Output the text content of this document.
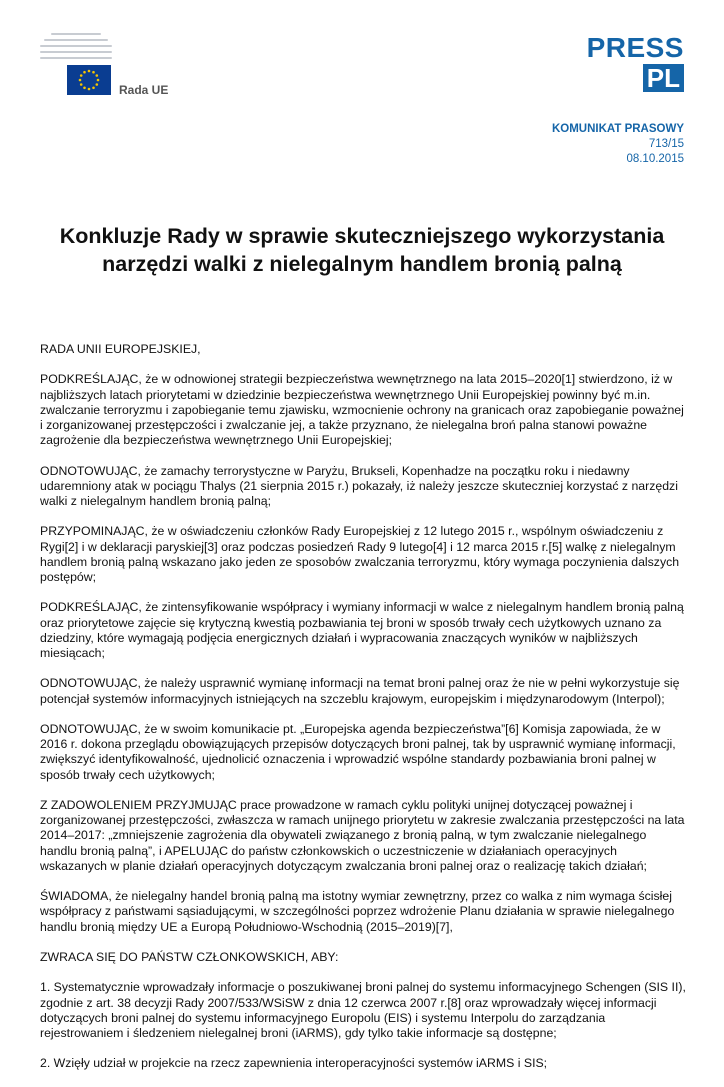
Rada UE
PRESS
PL
KOMUNIKAT PRASOWY
713/15
08.10.2015
Konkluzje Rady w sprawie skuteczniejszego wykorzystania narzędzi walki z nielegalnym handlem bronią palną

RADA UNII EUROPEJSKIEJ,

PODKREŚLAJĄC, że w odnowionej strategii bezpieczeństwa wewnętrznego na lata 2015–2020[1] stwierdzono, iż w najbliższych latach priorytetami w dziedzinie bezpieczeństwa wewnętrznego Unii Europejskiej powinny być m.in. zwalczanie terroryzmu i zapobieganie temu zjawisku, wzmocnienie ochrony na granicach oraz zapobieganie poważnej i zorganizowanej przestępczości i zwalczanie jej, a także przyznano, że nielegalna broń palna stanowi poważne zagrożenie dla bezpieczeństwa wewnętrznego Unii Europejskiej;

ODNOTOWUJĄC, że zamachy terrorystyczne w Paryżu, Brukseli, Kopenhadze na początku roku i niedawny udaremniony atak w pociągu Thalys (21 sierpnia 2015 r.) pokazały, iż należy jeszcze skuteczniej korzystać z narzędzi walki z nielegalnym handlem bronią palną;

PRZYPOMINAJĄC, że w oświadczeniu członków Rady Europejskiej z 12 lutego 2015 r., wspólnym oświadczeniu z Rygi[2] i w deklaracji paryskiej[3] oraz podczas posiedzeń Rady 9 lutego[4] i 12 marca 2015 r.[5] walkę z nielegalnym handlem bronią palną wskazano jako jeden ze sposobów zwalczania terroryzmu, który wymaga poczynienia dalszych postępów;

PODKREŚLAJĄC, że zintensyfikowanie współpracy i wymiany informacji w walce z nielegalnym handlem bronią palną oraz priorytetowe zajęcie się krytyczną kwestią pozbawiania tej broni w sposób trwały cech użytkowych uznano za dziedziny, które wymagają podjęcia energicznych działań i wypracowania znaczących wyników w najbliższych miesiącach;

ODNOTOWUJĄC, że należy usprawnić wymianę informacji na temat broni palnej oraz że nie w pełni wykorzystuje się potencjał systemów informacyjnych istniejących na szczeblu krajowym, europejskim i międzynarodowym (Interpol);

ODNOTOWUJĄC, że w swoim komunikacie pt. „Europejska agenda bezpieczeństwa”[6] Komisja zapowiada, że w 2016 r. dokona przeglądu obowiązujących przepisów dotyczących broni palnej, tak by usprawnić wymianę informacji, zwiększyć identyfikowalność, ujednolicić oznaczenia i wprowadzić wspólne standardy pozbawiania broni palnej w sposób trwały cech użytkowych;

Z ZADOWOLENIEM PRZYJMUJĄC prace prowadzone w ramach cyklu polityki unijnej dotyczącej poważnej i zorganizowanej przestępczości, zwłaszcza w ramach unijnego priorytetu w zakresie zwalczania przestępczości na lata 2014–2017: „zmniejszenie zagrożenia dla obywateli związanego z bronią palną, w tym zwalczanie nielegalnego handlu bronią palną”, i APELUJĄC do państw członkowskich o uczestniczenie w działaniach operacyjnych wskazanych w planie działań operacyjnych dotyczącym zwalczania broni palnej oraz o realizację takich działań;

ŚWIADOMA, że nielegalny handel bronią palną ma istotny wymiar zewnętrzny, przez co walka z nim wymaga ścisłej współpracy z państwami sąsiadującymi, w szczególności poprzez wdrożenie Planu działania w sprawie nielegalnego handlu bronią między UE a Europą Południowo-Wschodnią (2015–2019)[7],

ZWRACA SIĘ DO PAŃSTW CZŁONKOWSKICH, ABY:

1. Systematycznie wprowadzały informacje o poszukiwanej broni palnej do systemu informacyjnego Schengen (SIS II), zgodnie z art. 38 decyzji Rady 2007/533/WSiSW z dnia 12 czerwca 2007 r.[8] oraz wprowadzały więcej informacji dotyczących broni palnej do systemu informacyjnego Europolu (EIS) i systemu Interpolu do zarządzania rejestrowaniem i śledzeniem nielegalnej broni (iARMS), gdy tylko takie informacje są dostępne;

2. Wzięły udział w projekcie na rzecz zapewnienia interoperacyjności systemów iARMS i SIS;
